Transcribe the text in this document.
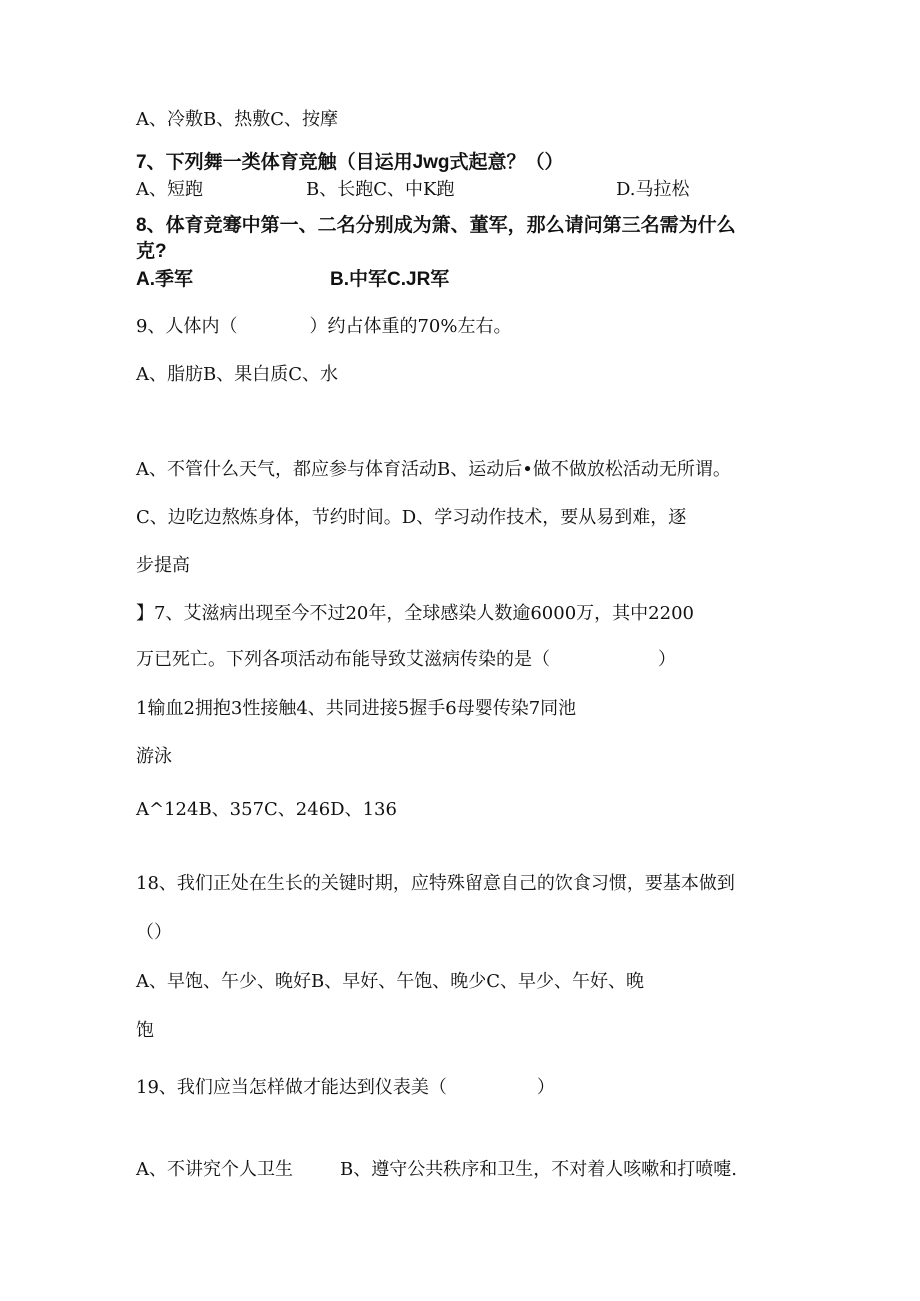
A、冷敷B、热敷C、按摩
7、下列舞一类体育竞触（目运用Jwg式起意？（）
A、短跑	B、长跑C、中K跑	D.马拉松
8、体育竞骞中第一、二名分别成为箫、董军，那么请问第三名需为什么
克?
A.季军	B.中军C.JR军
9、人体内（　　　　）约占体重的70%左右。
A、脂肪B、果白质C、水
A、不管什么天气，都应参与体育活动B、运动后•做不做放松活动无所谓。
C、边吃边熬炼身体，节约时间。D、学习动作技术，要从易到难，逐
步提高
】7、艾滋病出现至今不过20年，全球感染人数逾6000万，其中2200
万已死亡。下列各项活动布能导致艾滋病传染的是（　　　　　　）
1输血2拥抱3性接触4、共同进接5握手6母婴传染7同池
游泳
A^124B、357C、246D、136
18、我们正处在生长的关键时期，应特殊留意自己的饮食习惯，要基本做到
（）
A、早饱、午少、晚好B、早好、午饱、晚少C、早少、午好、晚
饱
19、我们应当怎样做才能达到仪表美（　　　　　）
A、不讲究个人卫生	B、遵守公共秩序和卫生，不对着人咳嗽和打喷嚏.
